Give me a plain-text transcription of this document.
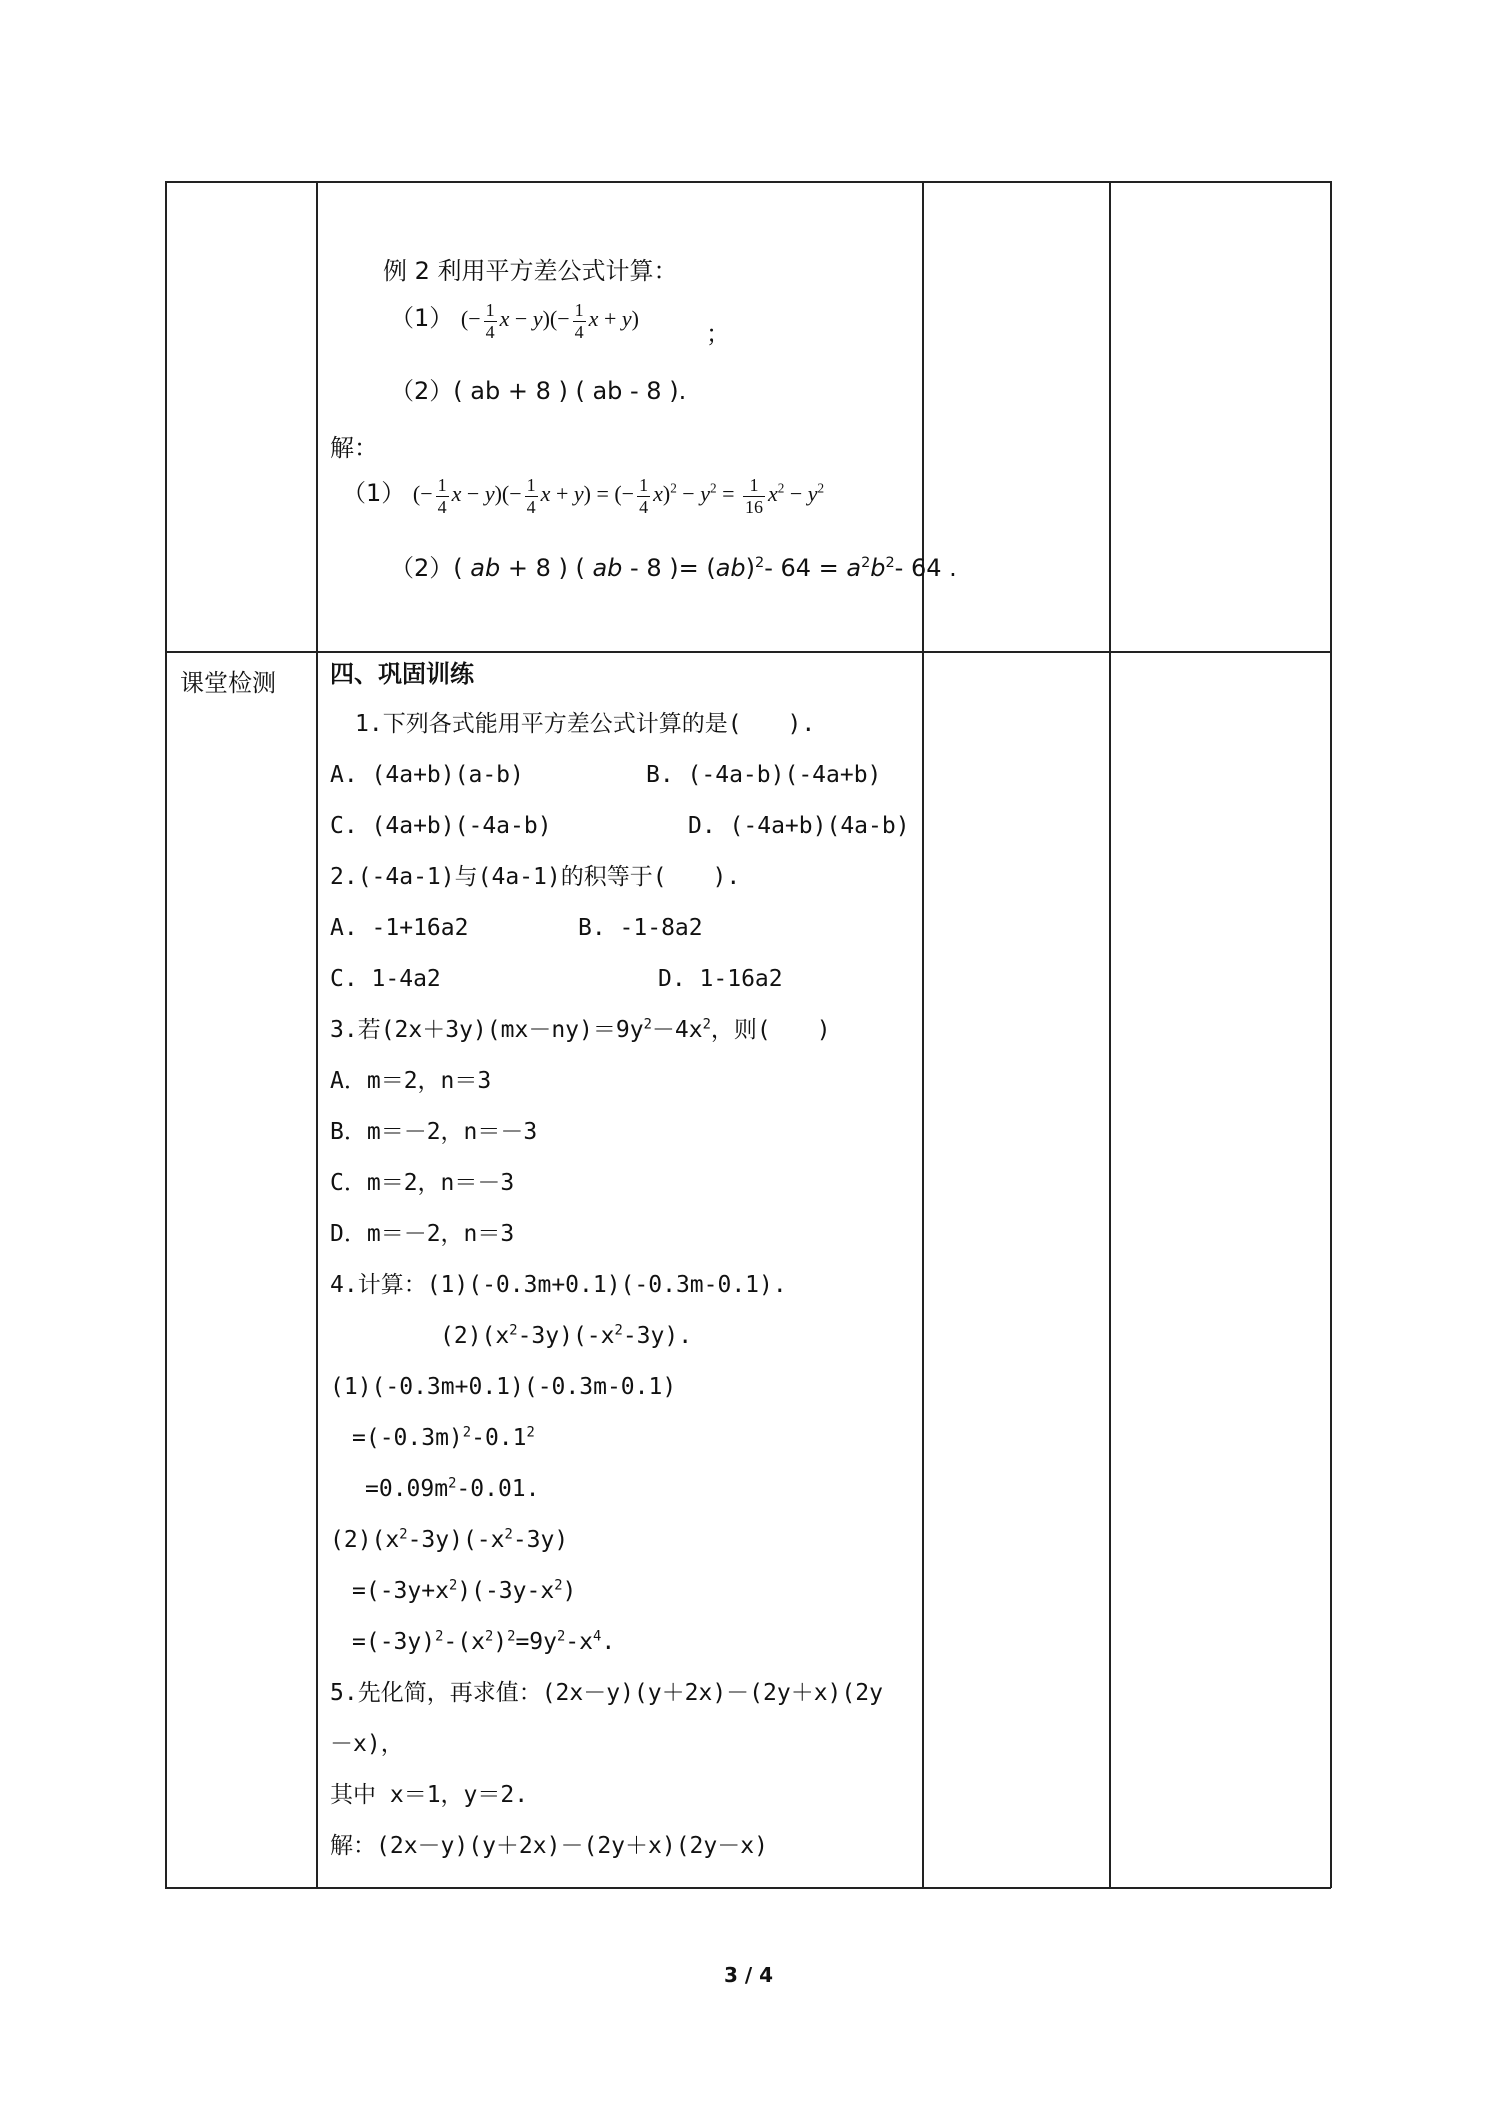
例 2 利用平方差公式计算：
（1） (− $\frac{1}{4}$ $x - y)(- \frac{1}{4}$ x + y)
；
（2）( ab + 8 ) ( ab - 8 ).
解：
（1） (− $\frac{1}{4}$ $x - y)(- \frac{1}{4}$ x + y) = (− $\frac{1}{4} x)^2 - y^2 = \frac{1}{16} x^2 - y^2$
（2）( ab + 8 ) ( ab - 8 )= (ab)$^2$- $64 = a^2b^2-$ 64 .
课堂检测 四、巩固训练
1.下列各式能用平方差公式计算的是(　　).
A. (4a+b)(a-b)	B. (-4a-b)(-4a+b)
C. (4a+b)(-4a-b)	D. (-4a+b)(4a-b)
2.(-4a-1)与(4a-1)的积等于(　　).
A. -1+16a2	B. -1-8a2
C. 1-4a2	D. 1-16a2
3.若$(2x+3y)(mx-ny)=9y^2-4x^2$，则(　　)
A．m＝2，n＝3
B．m＝－2，n＝－3
C．m＝2，n＝－3
D．m＝－2，n＝3
4.计算：(1)(-0.3m+0.1)(-0.3m-0.1).
$(2)(x^2-3y)(-x^2-3y)$.
(1)(-0.3m+0.1)(-0.3m-0.1)
$=(-0.3m)^2-0.1^2$
$=0.09m^2-0.01$.
$(2)(x^2-3y)(-x^2-3y)$
$=(-3y+x^2)(-3y-x^2)$
$=(-3y)^2-(x^2)^2=9y^2-x^4$.
5.先化简，再求值：(2x－y)(y＋2x)－(2y＋x)(2y
－x)，
其中 x＝1，y＝2.
解：(2x－y)(y＋2x)－(2y＋x)(2y－x)
3 / 4
